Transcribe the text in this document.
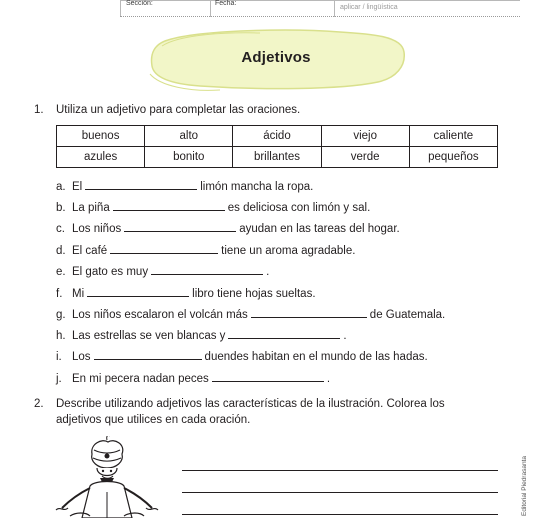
Sección:	Fecha:
aplicar / lingüística
Adjetivos
1. Utiliza un adjetivo para completar las oraciones.
buenos	alto	ácido	viejo	caliente
azules	bonito	brillantes	verde	pequeños
a. El	limón mancha la ropa.
b. La piña	es deliciosa con limón y sal.
c. Los niños	ayudan en las tareas del hogar.
d. El café	tiene un aroma agradable.
e. El gato es muy	.
f. Mi	libro tiene hojas sueltas.
g. Los niños escalaron el volcán más	de Guatemala.
h. Las estrellas se ven blancas y	.
i. Los	duendes habitan en el mundo de las hadas.
j. En mi pecera nadan peces	.
2. Describe utilizando adjetivos las características de la ilustración. Colorea los
adjetivos que utilices en cada oración.
Editorial Piedrasanta
